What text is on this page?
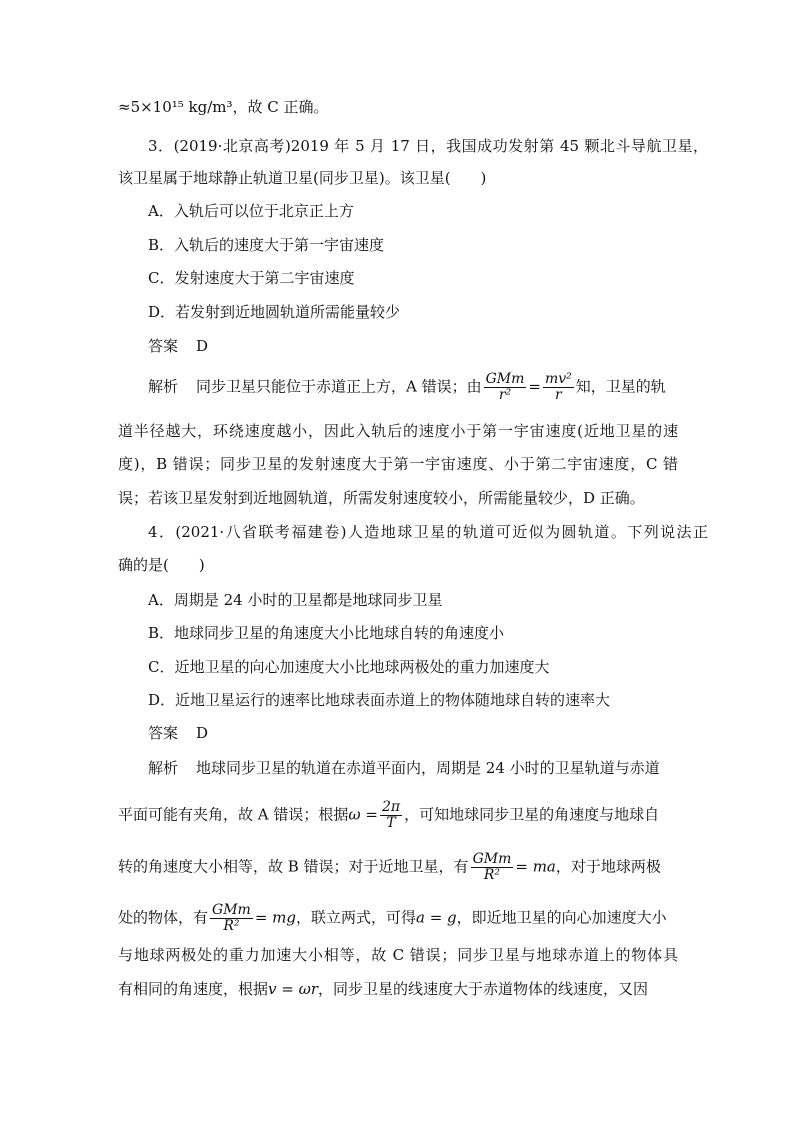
≈5×10¹⁵ kg/m³，故 C 正确。
3．(2019·北京高考)2019 年 5 月 17 日，我国成功发射第 45 颗北斗导航卫星，
该卫星属于地球静止轨道卫星(同步卫星)。该卫星(　　)
A．入轨后可以位于北京正上方
B．入轨后的速度大于第一宇宙速度
C．发射速度大于第二宇宙速度
D．若发射到近地圆轨道所需能量较少
答案 D
解析 同步卫星只能位于赤道正上方，A 错误；由 $\frac{\text{GMm}}{\text{r²}} = \frac{\text{mv²}}{r}$ 知，卫星的轨
道半径越大，环绕速度越小，因此入轨后的速度小于第一宇宙速度(近地卫星的速
度)，B 错误；同步卫星的发射速度大于第一宇宙速度、小于第二宇宙速度，C 错
误；若该卫星发射到近地圆轨道，所需发射速度较小，所需能量较少，D 正确。
4．(2021·八省联考福建卷)人造地球卫星的轨道可近似为圆轨道。下列说法正
确的是(　　)
A．周期是 24 小时的卫星都是地球同步卫星
B．地球同步卫星的角速度大小比地球自转的角速度小
C．近地卫星的向心加速度大小比地球两极处的重力加速度大
D．近地卫星运行的速率比地球表面赤道上的物体随地球自转的速率大
答案 D
解析 地球同步卫星的轨道在赤道平面内，周期是 24 小时的卫星轨道与赤道
平面可能有夹角，故 A 错误；根据$\omega = \frac{2\pi}{T}$ ，可知地球同步卫星的角速度与地球自
转的角速度大小相等，故 B 错误；对于近地卫星，有 $\frac{\text{GMm}}{\text{R²}}$ = ma，对于地球两极
处的物体，有 $\frac{\text{GMm}}{\text{R²}}$ = mg，联立两式，可得a = g，即近地卫星的向心加速度大小
与地球两极处的重力加速大小相等，故 C 错误；同步卫星与地球赤道上的物体具
有相同的角速度，根据v = ωr，同步卫星的线速度大于赤道物体的线速度，又因
